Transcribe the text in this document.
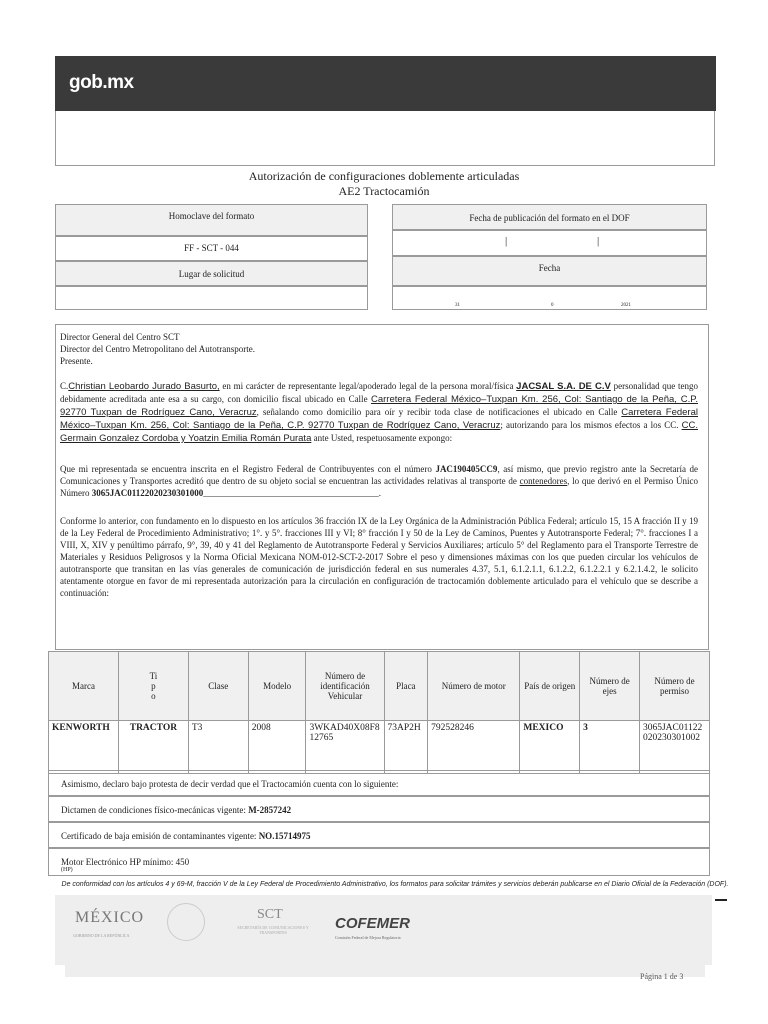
gob.mx
Autorización de configuraciones doblemente articuladas
AE2 Tractocamión
Homoclave del formato
FF - SCT - 044
Lugar de solicitud
Fecha de publicación del formato en el DOF
|	|
Fecha
31	0	2021
Director General del Centro SCT
Director del Centro Metropolitano del Autotransporte.
Presente.
C.Christian Leobardo Jurado Basurto, en mi carácter de representante legal/apoderado legal de la persona moral/física JACSAL S.A. DE C.V personalidad que tengo debidamente acreditada ante esa a su cargo, con domicilio fiscal ubicado en Calle Carretera Federal México–Tuxpan Km. 256, Col: Santiago de la Peña, C.P. 92770 Tuxpan de Rodríguez Cano, Veracruz, señalando como domicilio para oír y recibir toda clase de notificaciones el ubicado en Calle Carretera Federal México–Tuxpan Km. 256, Col: Santiago de la Peña, C.P. 92770 Tuxpan de Rodríguez Cano, Veracruz; autorizando para los mismos efectos a los CC. CC. Germain Gonzalez Cordoba y Yoatzin Emilia Román Purata ante Usted, respetuosamente expongo:
Que mi representada se encuentra inscrita en el Registro Federal de Contribuyentes con el número JAC190405CC9, así mismo, que previo registro ante la Secretaría de Comunicaciones y Transportes acreditó que dentro de su objeto social se encuentran las actividades relativas al transporte de contenedores, lo que derivó en el Permiso Único Número 3065JAC01122020230301000_______________________________________.
Conforme lo anterior, con fundamento en lo dispuesto en los artículos 36 fracción IX de la Ley Orgánica de la Administración Pública Federal; artículo 15, 15 A fracción II y 19 de la Ley Federal de Procedimiento Administrativo; 1°. y 5°. fracciones III y VI; 8° fracción I y 50 de la Ley de Caminos, Puentes y Autotransporte Federal; 7°. fracciones I a VIII, X, XIV y penúltimo párrafo, 9°, 39, 40 y 41 del Reglamento de Autotransporte Federal y Servicios Auxiliares; artículo 5° del Reglamento para el Transporte Terrestre de Materiales y Residuos Peligrosos y la Norma Oficial Mexicana NOM-012-SCT-2-2017 Sobre el peso y dimensiones máximas con los que pueden circular los vehículos de autotransporte que transitan en las vías generales de comunicación de jurisdicción federal en sus numerales 4.37, 5.1, 6.1.2.1.1, 6.1.2.2, 6.1.2.2.1 y 6.2.1.4.2, le solicito atentamente otorgue en favor de mi representada autorización para la circulación en configuración de tractocamión doblemente articulado para el vehículo que se describe a continuación:
Marca	Ti
p
o	Clase	Modelo	Número de identificación Vehicular	Placa	Número de motor	País de origen	Número de ejes	Número de permiso
KENWORTH	TRACTOR	T3	2008	3WKAD40X08F812765	73AP2H	792528246	MEXICO	3	3065JAC01122020230301002
Asimismo, declaro bajo protesta de decir verdad que el Tractocamión cuenta con lo siguiente:
Dictamen de condiciones físico-mecánicas vigente: M-2857242
Certificado de baja emisión de contaminantes vigente: NO.15714975
Motor Electrónico HP mínimo: 450
(HP)
De conformidad con los artículos 4 y 69-M, fracción V de la Ley Federal de Procedimiento Administrativo, los formatos para solicitar trámites y servicios deberán publicarse en el Diario Oficial de la Federación (DOF).
MÉXICO
GOBIERNO DE LA REPÚBLICA
SCT
SECRETARÍA DE COMUNICACIONES Y TRANSPORTES
COFEMER
Comisión Federal de Mejora Regulatoria
Página 1 de 3
